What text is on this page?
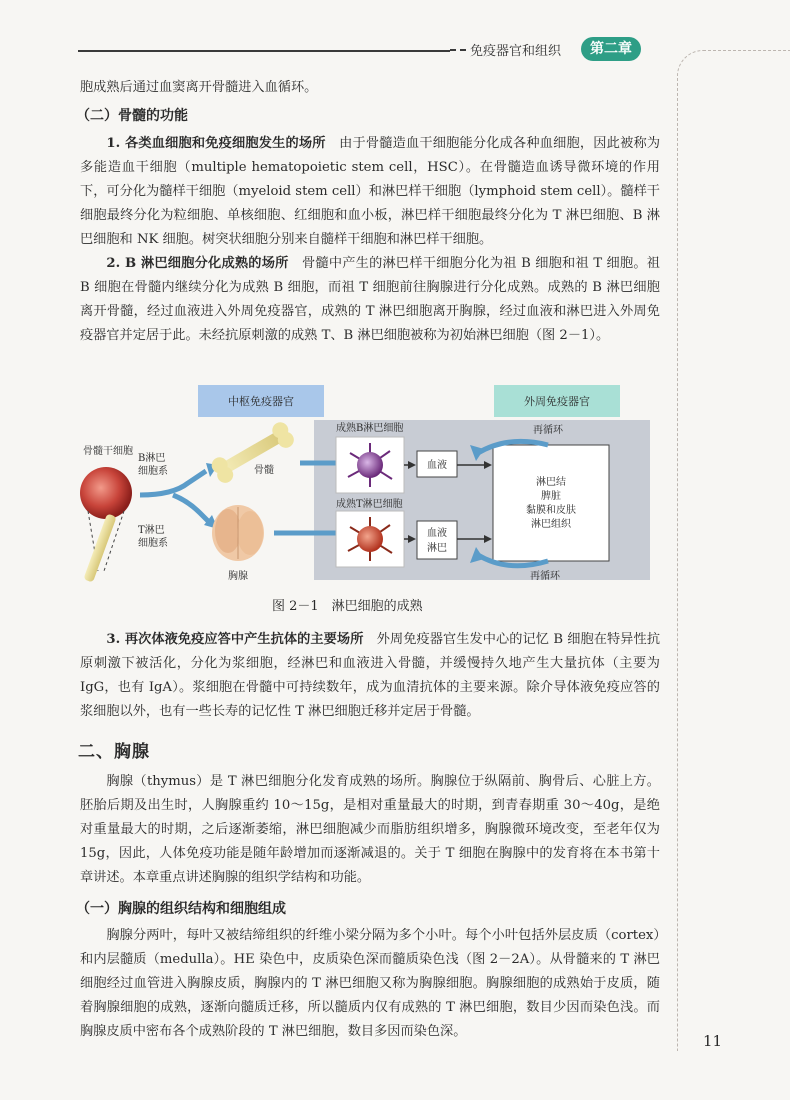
免疫器官和组织	第二章

胞成熟后通过血窦离开骨髓进入血循环。

（二）骨髓的功能

1. 各类血细胞和免疫细胞发生的场所　 由于骨髓造血干细胞能分化成各种血细胞，因此被称为多能造血干细胞（multiple hematopoietic stem cell，HSC）。在骨髓造血诱导微环境的作用下，可分化为髓样干细胞（myeloid stem cell）和淋巴样干细胞（lymphoid stem cell）。髓样干细胞最终分化为粒细胞、单核细胞、红细胞和血小板，淋巴样干细胞最终分化为 T 淋巴细胞、B 淋巴细胞和 NK 细胞。树突状细胞分别来自髓样干细胞和淋巴样干细胞。

2. B 淋巴细胞分化成熟的场所　 骨髓中产生的淋巴样干细胞分化为祖 B 细胞和祖 T 细胞。祖 B 细胞在骨髓内继续分化为成熟 B 细胞，而祖 T 细胞前往胸腺进行分化成熟。成熟的 B 淋巴细胞离开骨髓，经过血液进入外周免疫器官，成熟的 T 淋巴细胞离开胸腺，经过血液和淋巴进入外周免疫器官并定居于此。未经抗原刺激的成熟 T、B 淋巴细胞被称为初始淋巴细胞（图 2－1）。

中枢免疫器官	外周免疫器官
骨髓干细胞
B淋巴
细胞系
T淋巴
细胞系
骨髓
胸腺
成熟B淋巴细胞
成熟T淋巴细胞
血液
血液
淋巴
淋巴结
脾脏
黏膜和皮肤
淋巴组织
再循环
再循环
图 2－1　淋巴细胞的成熟

3. 再次体液免疫应答中产生抗体的主要场所　 外周免疫器官生发中心的记忆 B 细胞在特异性抗原刺激下被活化，分化为浆细胞，经淋巴和血液进入骨髓，并缓慢持久地产生大量抗体（主要为 IgG，也有 IgA）。浆细胞在骨髓中可持续数年，成为血清抗体的主要来源。除介导体液免疫应答的浆细胞以外，也有一些长寿的记忆性 T 淋巴细胞迁移并定居于骨髓。

二、胸腺

胸腺（thymus）是 T 淋巴细胞分化发育成熟的场所。胸腺位于纵隔前、胸骨后、心脏上方。胚胎后期及出生时，人胸腺重约 10～15g，是相对重量最大的时期，到青春期重 30～40g，是绝对重量最大的时期，之后逐渐萎缩，淋巴细胞减少而脂肪组织增多，胸腺微环境改变，至老年仅为 15g，因此，人体免疫功能是随年龄增加而逐渐减退的。关于 T 细胞在胸腺中的发育将在本书第十章讲述。本章重点讲述胸腺的组织学结构和功能。

（一）胸腺的组织结构和细胞组成

胸腺分两叶，每叶又被结缔组织的纤维小梁分隔为多个小叶。每个小叶包括外层皮质（cortex）和内层髓质（medulla）。HE 染色中，皮质染色深而髓质染色浅（图 2－2A）。从骨髓来的 T 淋巴细胞经过血管进入胸腺皮质，胸腺内的 T 淋巴细胞又称为胸腺细胞。胸腺细胞的成熟始于皮质，随着胸腺细胞的成熟，逐渐向髓质迁移，所以髓质内仅有成熟的 T 淋巴细胞，数目少因而染色浅。而胸腺皮质中密布各个成熟阶段的 T 淋巴细胞，数目多因而染色深。

11
